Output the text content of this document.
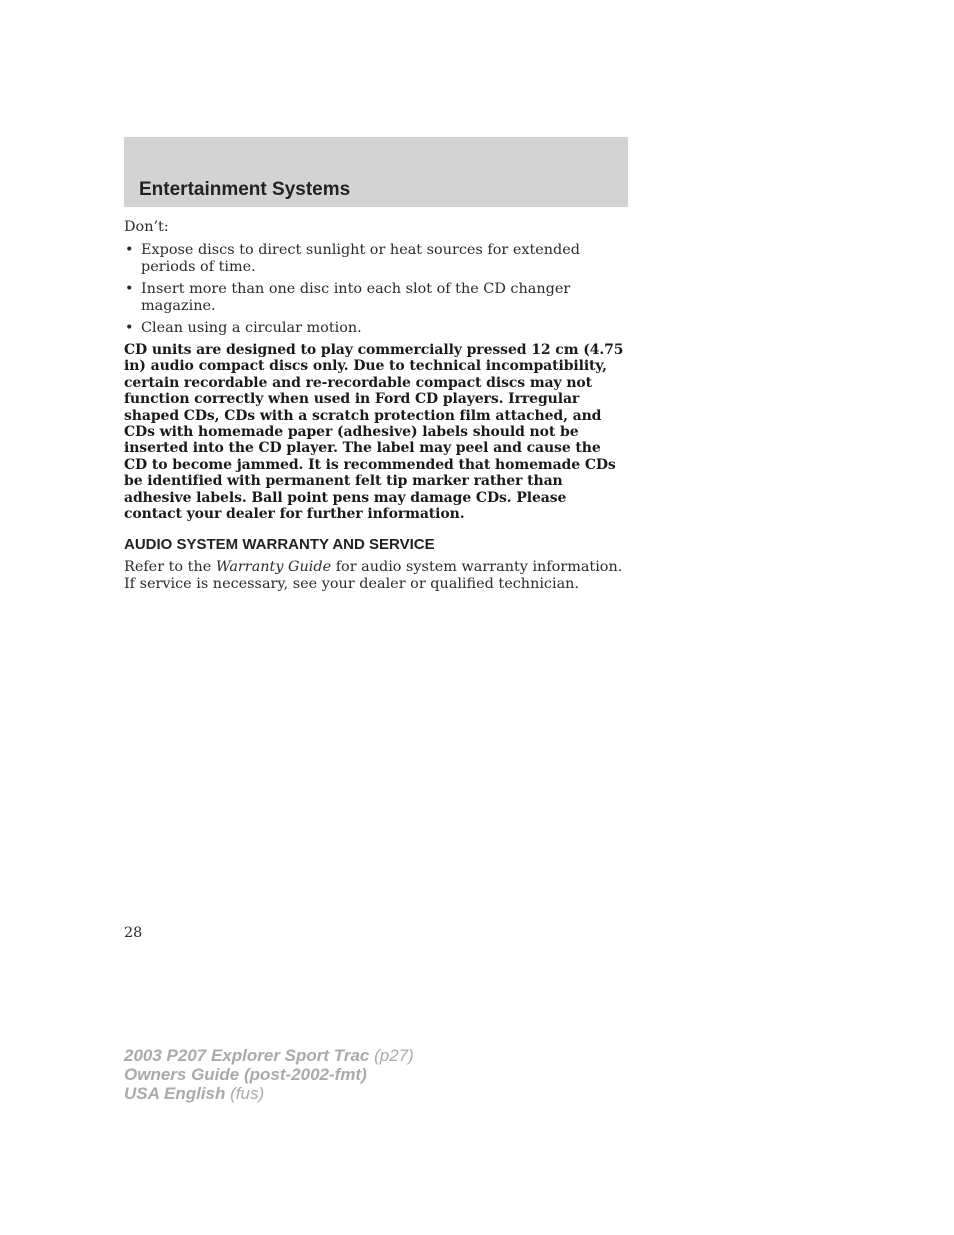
Entertainment Systems

Don’t:

• Expose discs to direct sunlight or heat sources for extended periods of time.
• Insert more than one disc into each slot of the CD changer magazine.
• Clean using a circular motion.

CD units are designed to play commercially pressed 12 cm (4.75 in) audio compact discs only. Due to technical incompatibility, certain recordable and re-recordable compact discs may not function correctly when used in Ford CD players. Irregular shaped CDs, CDs with a scratch protection film attached, and CDs with homemade paper (adhesive) labels should not be inserted into the CD player. The label may peel and cause the CD to become jammed. It is recommended that homemade CDs be identified with permanent felt tip marker rather than adhesive labels. Ball point pens may damage CDs. Please contact your dealer for further information.

AUDIO SYSTEM WARRANTY AND SERVICE

Refer to the Warranty Guide for audio system warranty information. If service is necessary, see your dealer or qualified technician.

28
2003 P207 Explorer Sport Trac (p27)
Owners Guide (post-2002-fmt)
USA English (fus)
